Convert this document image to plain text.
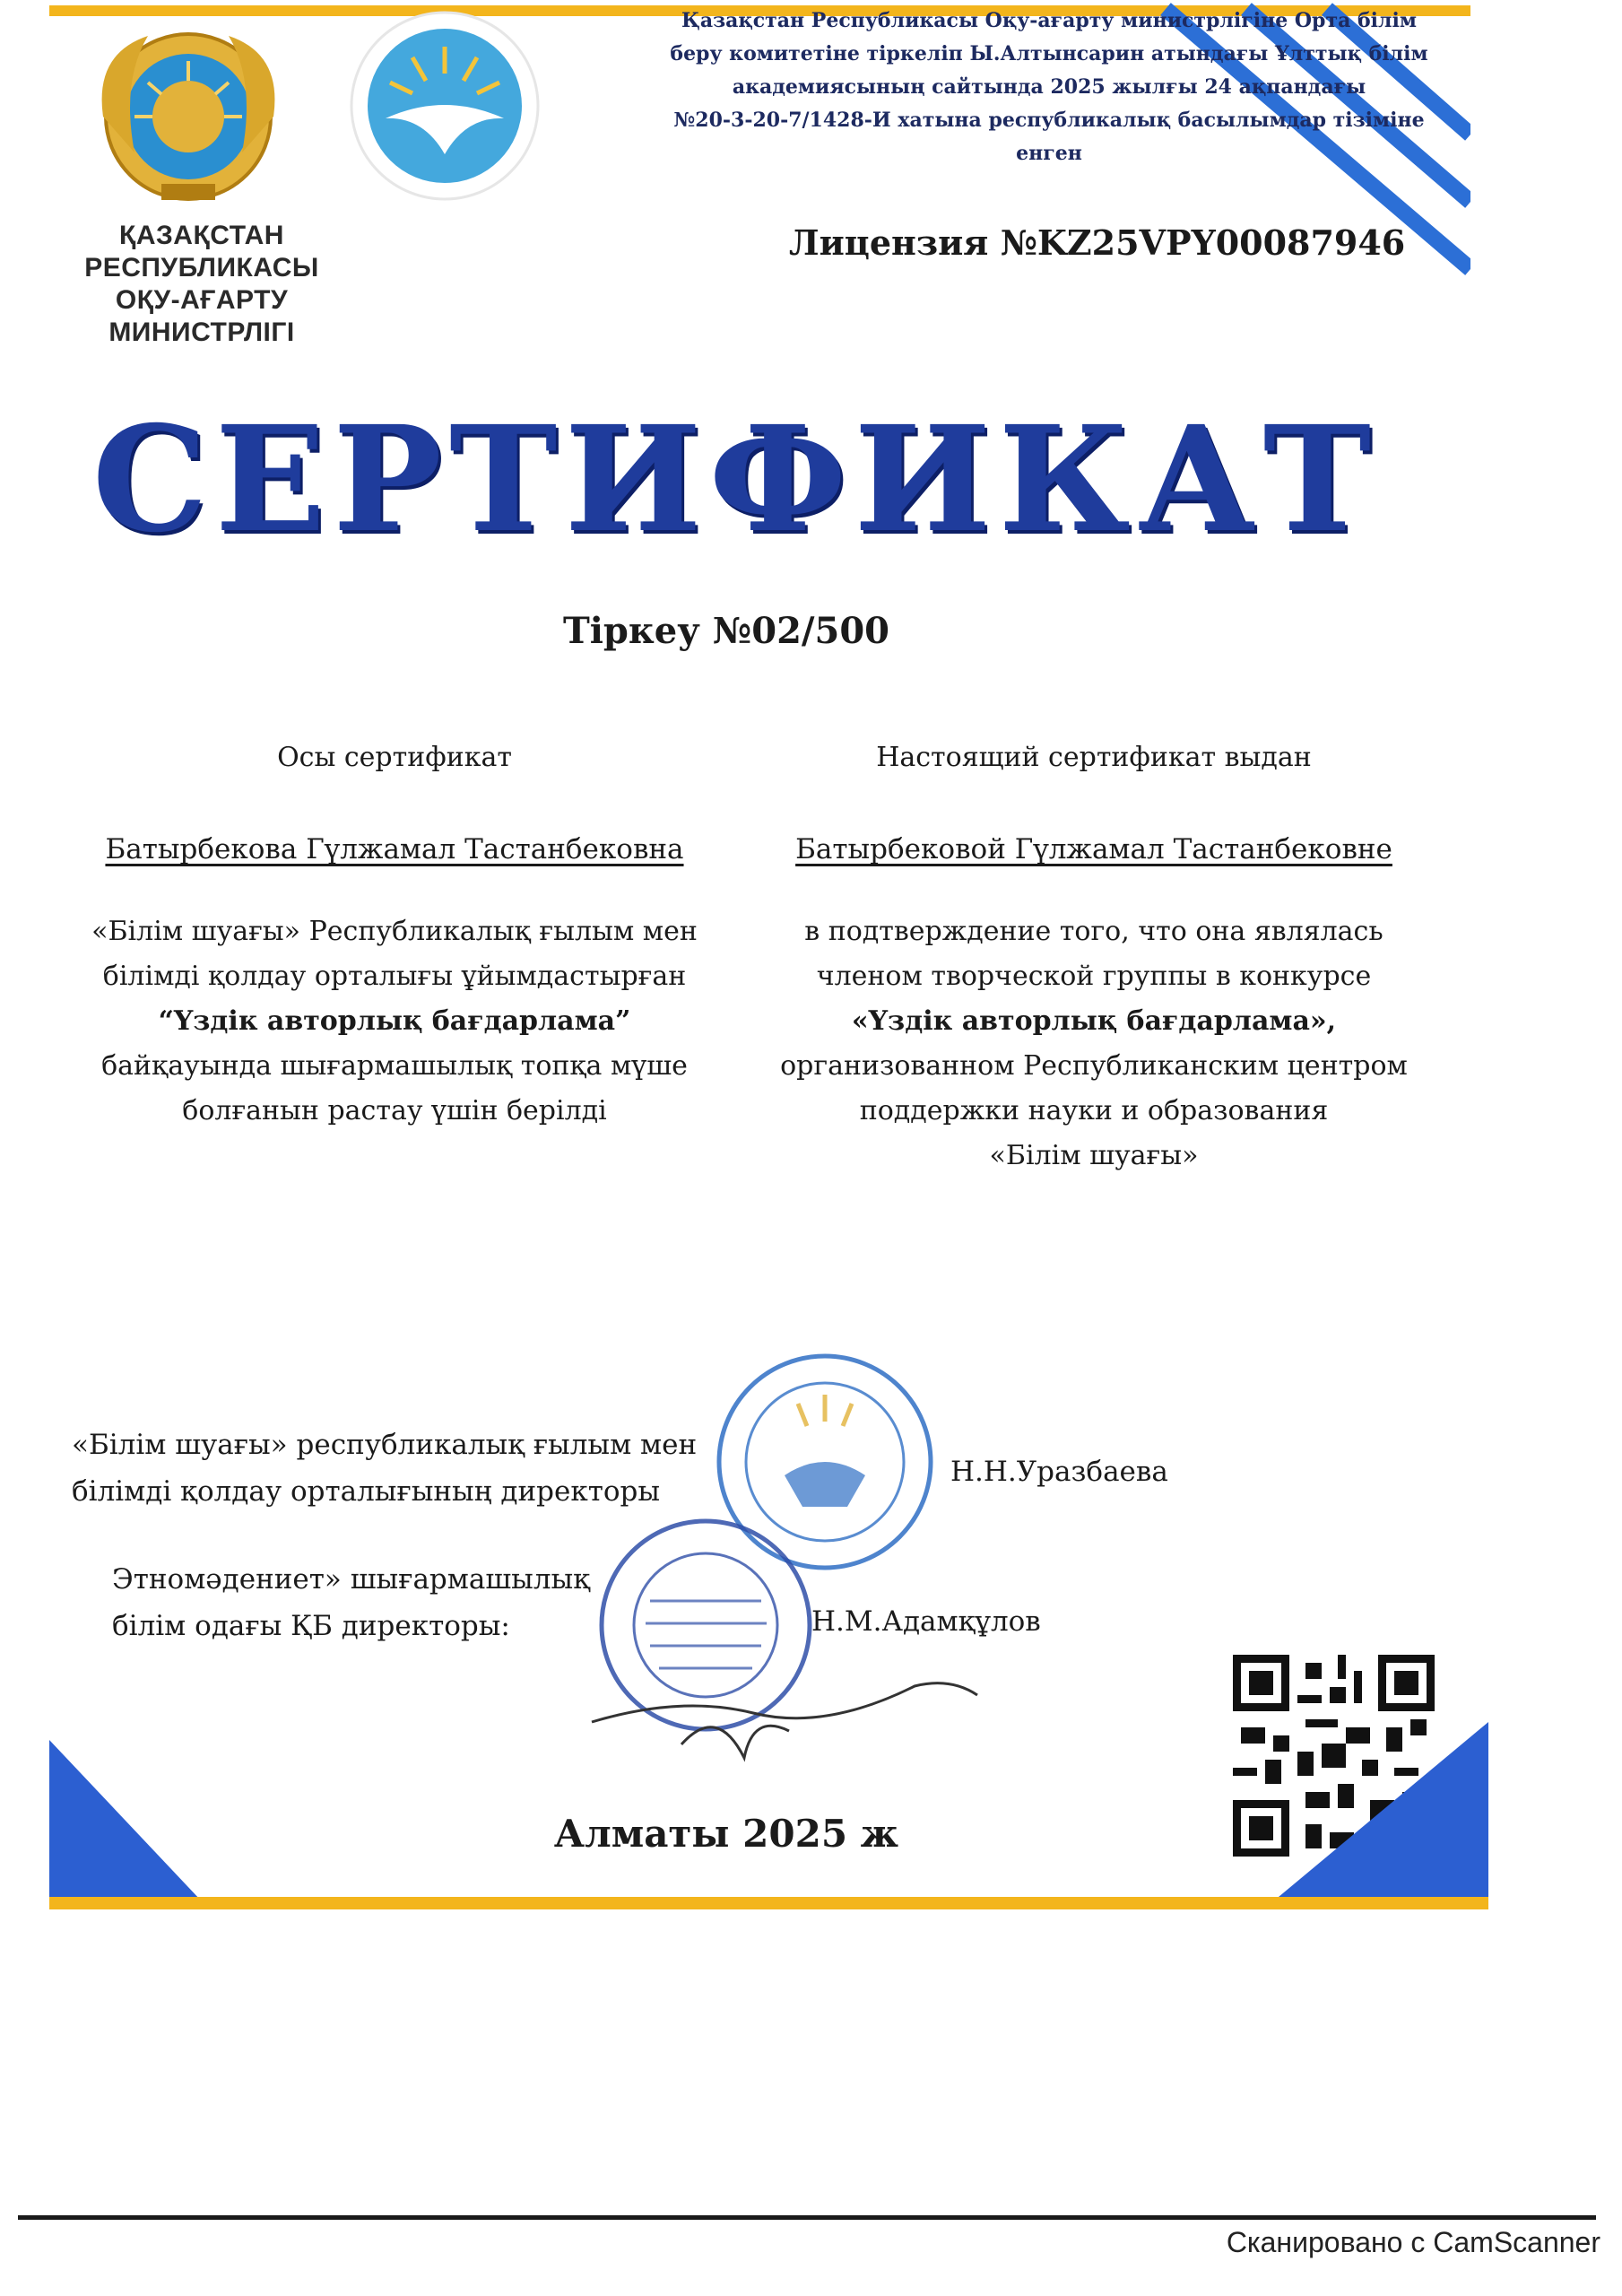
ҚАЗАҚСТАН РЕСПУБЛИКАСЫ
ОҚУ-АҒАРТУ МИНИСТРЛІГІ
Қазақстан Республикасы Оқу-ағарту министрлігіне Орта білім
беру комитетіне тіркеліп Ы.Алтынсарин атындағы Ұлттық білім
академиясының сайтында 2025 жылғы 24 ақпандағы
№20-3-20-7/1428-И хатына республикалық басылымдар тізіміне
енген
Лицензия №KZ25VPY00087946
СЕРТИФИКАТ
Тіркеу №02/500
Осы сертификат
Батырбекова Гүлжамал Тастанбековна
«Білім шуағы» Республикалық ғылым мен
білімді қолдау орталығы ұйымдастырған
“Үздік авторлық бағдарлама”
байқауында шығармашылық топқа мүше
болғанын растау үшін берілді
Настоящий сертификат выдан
Батырбековой Гүлжамал Тастанбековне
в подтверждение того, что она являлась
членом творческой группы в конкурсе
«Үздік авторлық бағдарлама»,
организованном Республиканским центром
поддержки науки и образования
«Білім шуағы»
«Білім шуағы» республикалық ғылым мен
білімді қолдау орталығының директоры
Н.Н.Уразбаева
Этномәдениет» шығармашылық
білім одағы ҚБ директоры:	Н.М.Адамқұлов
Алматы 2025 ж
Сканировано с CamScanner
